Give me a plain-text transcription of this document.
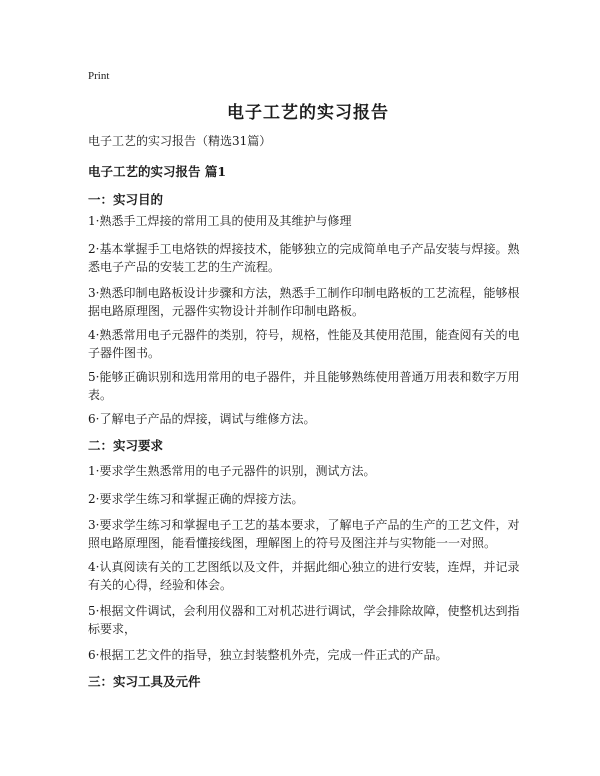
Print
电子工艺的实习报告
电子工艺的实习报告（精选31篇）
电子工艺的实习报告 篇1
一：实习目的
1·熟悉手工焊接的常用工具的使用及其维护与修理
2·基本掌握手工电烙铁的焊接技术，能够独立的完成简单电子产品安装与焊接。熟悉电子产品的安装工艺的生产流程。
3·熟悉印制电路板设计步骤和方法，熟悉手工制作印制电路板的工艺流程，能够根据电路原理图，元器件实物设计并制作印制电路板。
4·熟悉常用电子元器件的类别，符号，规格，性能及其使用范围，能查阅有关的电子器件图书。
5·能够正确识别和选用常用的电子器件，并且能够熟练使用普通万用表和数字万用表。
6·了解电子产品的焊接，调试与维修方法。
二：实习要求
1·要求学生熟悉常用的电子元器件的识别，测试方法。
2·要求学生练习和掌握正确的焊接方法。
3·要求学生练习和掌握电子工艺的基本要求，了解电子产品的生产的工艺文件，对照电路原理图，能看懂接线图，理解图上的符号及图注并与实物能一一对照。
4·认真阅读有关的工艺图纸以及文件，并据此细心独立的进行安装，连焊，并记录有关的心得，经验和体会。
5·根据文件调试，会利用仪器和工对机芯进行调试，学会排除故障，使整机达到指标要求，
6·根据工艺文件的指导，独立封装整机外壳，完成一件正式的产品。
三：实习工具及元件
